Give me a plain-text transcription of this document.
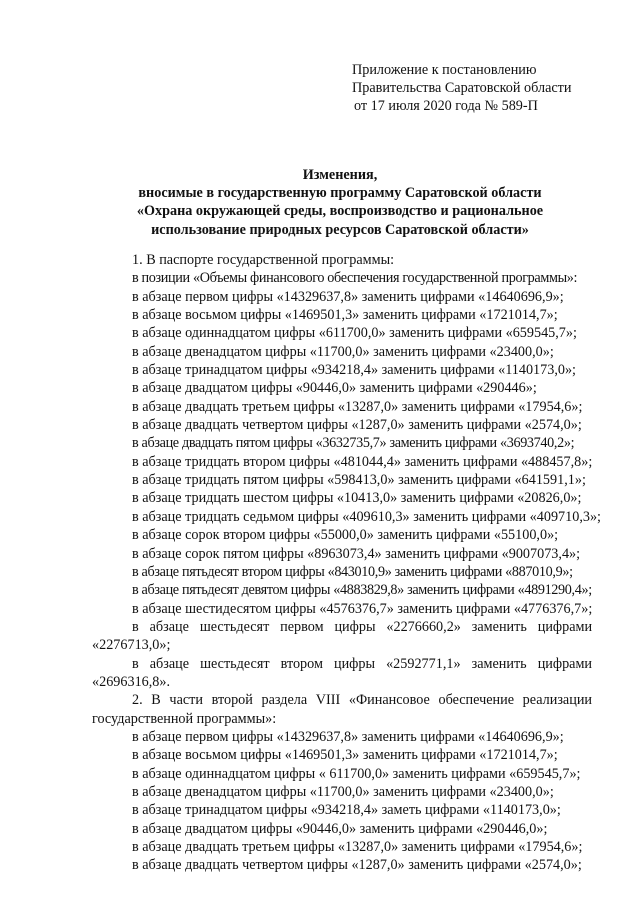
Приложение к постановлению
Правительства Саратовской области
от 17 июля 2020 года № 589-П
Изменения,
вносимые в государственную программу Саратовской области
«Охрана окружающей среды, воспроизводство и рациональное
использование природных ресурсов Саратовской области»
1. В паспорте государственной программы:
в позиции «Объемы финансового обеспечения государственной программы»:
в абзаце первом цифры «14329637,8» заменить цифрами «14640696,9»;
в абзаце восьмом цифры «1469501,3» заменить цифрами «1721014,7»;
в абзаце одиннадцатом цифры «611700,0» заменить цифрами «659545,7»;
в абзаце двенадцатом цифры «11700,0» заменить цифрами «23400,0»;
в абзаце тринадцатом цифры «934218,4» заменить цифрами «1140173,0»;
в абзаце двадцатом цифры «90446,0» заменить цифрами «290446»;
в абзаце двадцать третьем цифры «13287,0» заменить цифрами «17954,6»;
в абзаце двадцать четвертом цифры «1287,0» заменить цифрами «2574,0»;
в абзаце двадцать пятом цифры «3632735,7» заменить цифрами «3693740,2»;
в абзаце тридцать втором цифры «481044,4» заменить цифрами «488457,8»;
в абзаце тридцать пятом цифры «598413,0» заменить цифрами «641591,1»;
в абзаце тридцать шестом цифры «10413,0» заменить цифрами «20826,0»;
в абзаце тридцать седьмом цифры «409610,3» заменить цифрами «409710,3»;
в абзаце сорок втором цифры «55000,0» заменить цифрами «55100,0»;
в абзаце сорок пятом цифры «8963073,4» заменить цифрами «9007073,4»;
в абзаце пятьдесят втором цифры «843010,9» заменить цифрами «887010,9»;
в абзаце пятьдесят девятом цифры «4883829,8» заменить цифрами «4891290,4»;
в абзаце шестидесятом цифры «4576376,7» заменить цифрами «4776376,7»;
в абзаце шестьдесят первом цифры «2276660,2» заменить цифрами
«2276713,0»;
в абзаце шестьдесят втором цифры «2592771,1» заменить цифрами
«2696316,8».
2. В части второй раздела VIII «Финансовое обеспечение реализации государственной программы»:
в абзаце первом цифры «14329637,8» заменить цифрами «14640696,9»;
в абзаце восьмом цифры «1469501,3» заменить цифрами «1721014,7»;
в абзаце одиннадцатом цифры « 611700,0» заменить цифрами «659545,7»;
в абзаце двенадцатом цифры «11700,0» заменить цифрами «23400,0»;
в абзаце тринадцатом цифры «934218,4» заметь цифрами «1140173,0»;
в абзаце двадцатом цифры «90446,0» заменить цифрами «290446,0»;
в абзаце двадцать третьем цифры «13287,0» заменить цифрами «17954,6»;
в абзаце двадцать четвертом цифры «1287,0» заменить цифрами «2574,0»;
